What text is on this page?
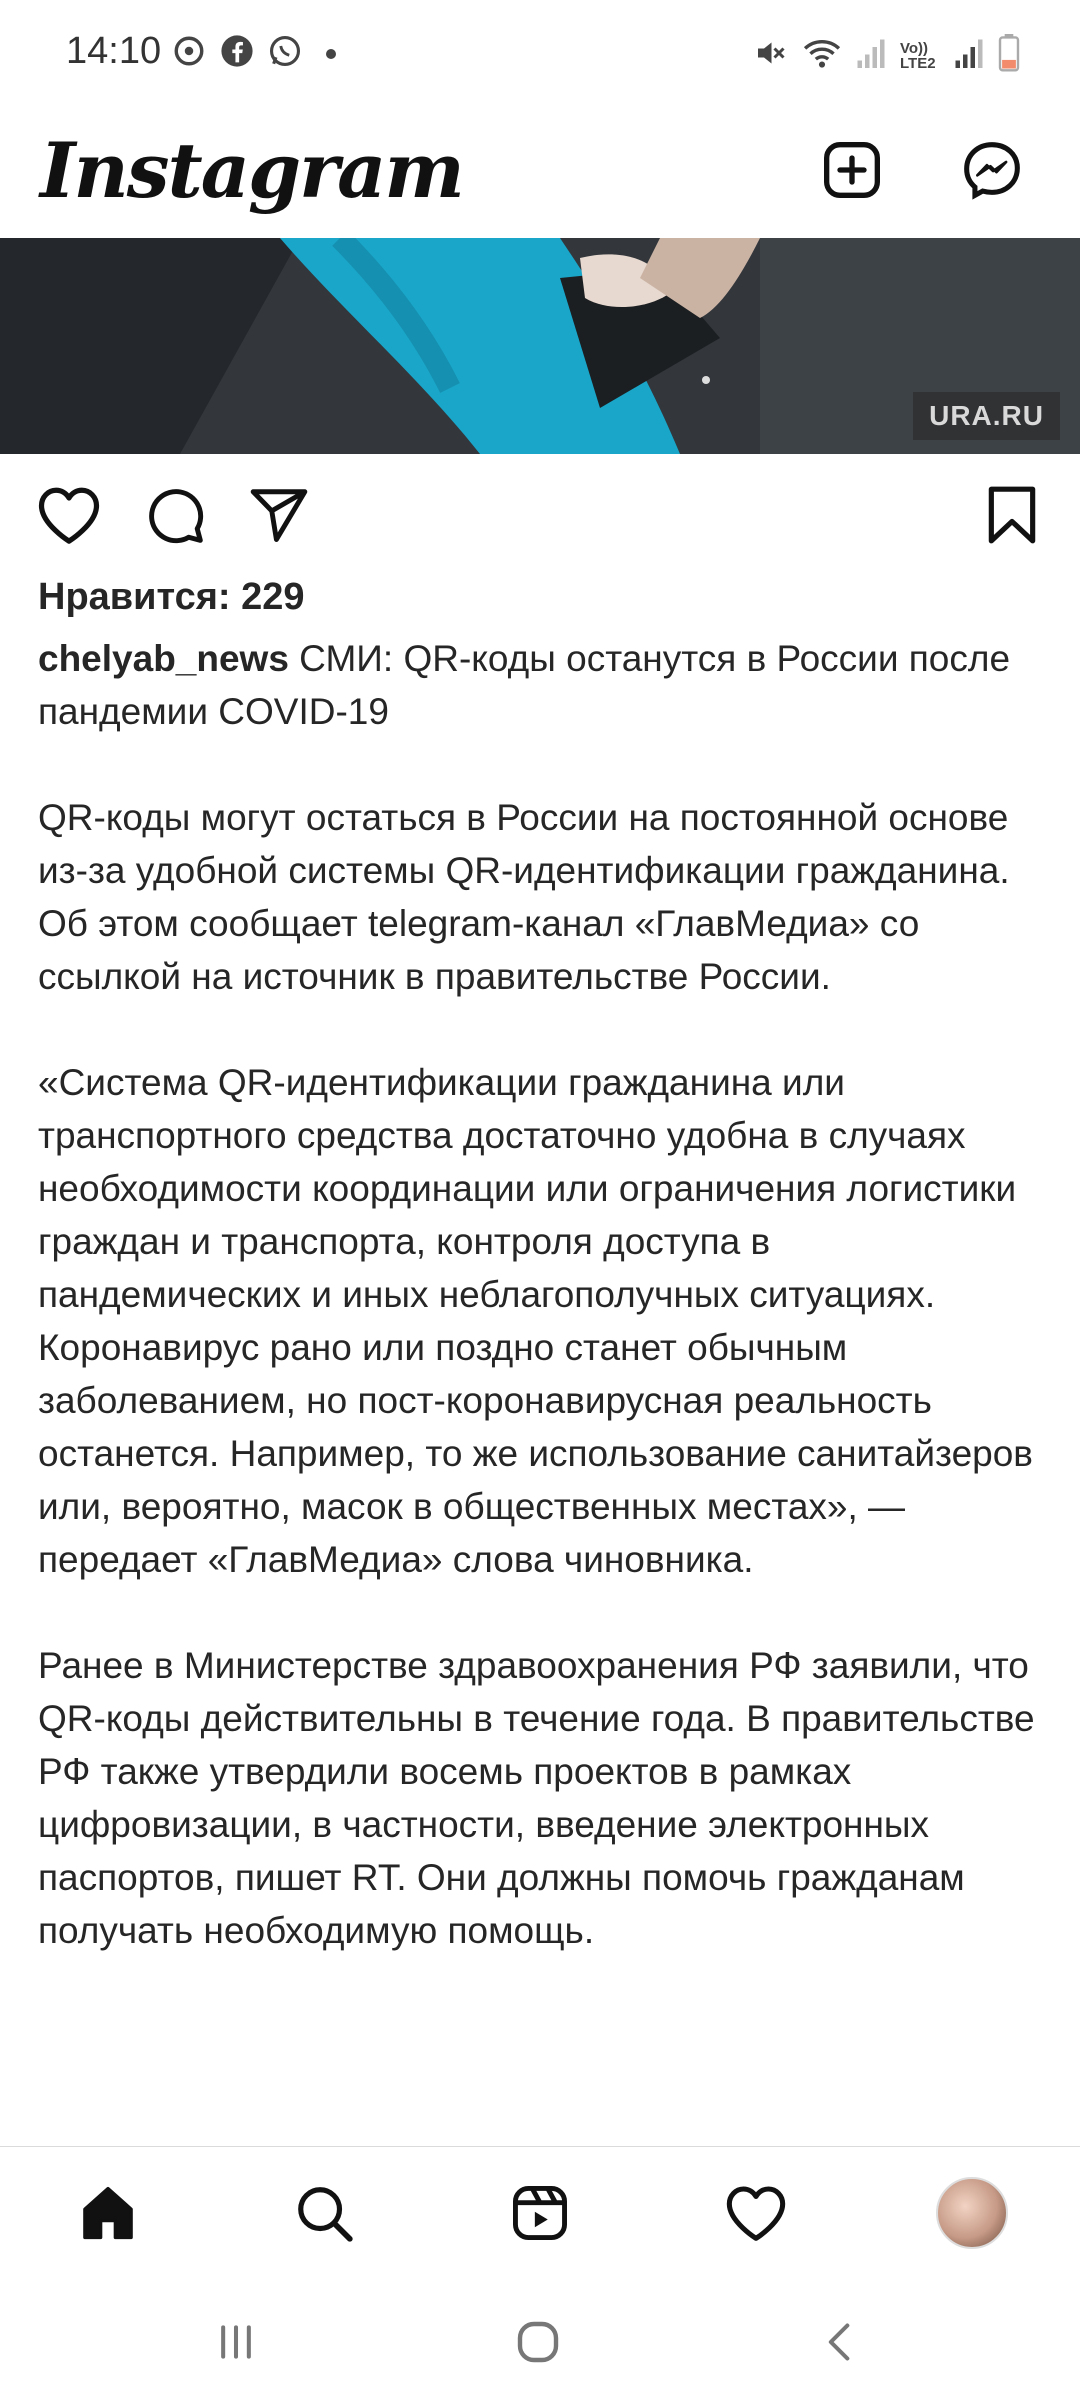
14:10	Vo)) LTE2
Instagram
URA.RU
Нравится: 229

chelyab_news СМИ: QR-коды останутся в России после пандемии COVID-19

QR-коды могут остаться в России на постоянной основе из-за удобной системы QR-идентификации гражданина. Об этом сообщает telegram-канал «ГлавМедиа» со ссылкой на источник в правительстве России.

«Система QR-идентификации гражданина или транспортного средства достаточно удобна в случаях необходимости координации или ограничения логистики граждан и транспорта, контроля доступа в пандемических и иных неблагополучных ситуациях. Коронавирус рано или поздно станет обычным заболеванием, но пост-коронавирусная реальность останется. Например, то же использование санитайзеров или, вероятно, масок в общественных местах», — передает «ГлавМедиа» слова чиновника.

Ранее в Министерстве здравоохранения РФ заявили, что QR-коды действительны в течение года. В правительстве РФ также утвердили восемь проектов в рамках цифровизации, в частности, введение электронных паспортов, пишет RT. Они должны помочь гражданам получать необходимую помощь.
